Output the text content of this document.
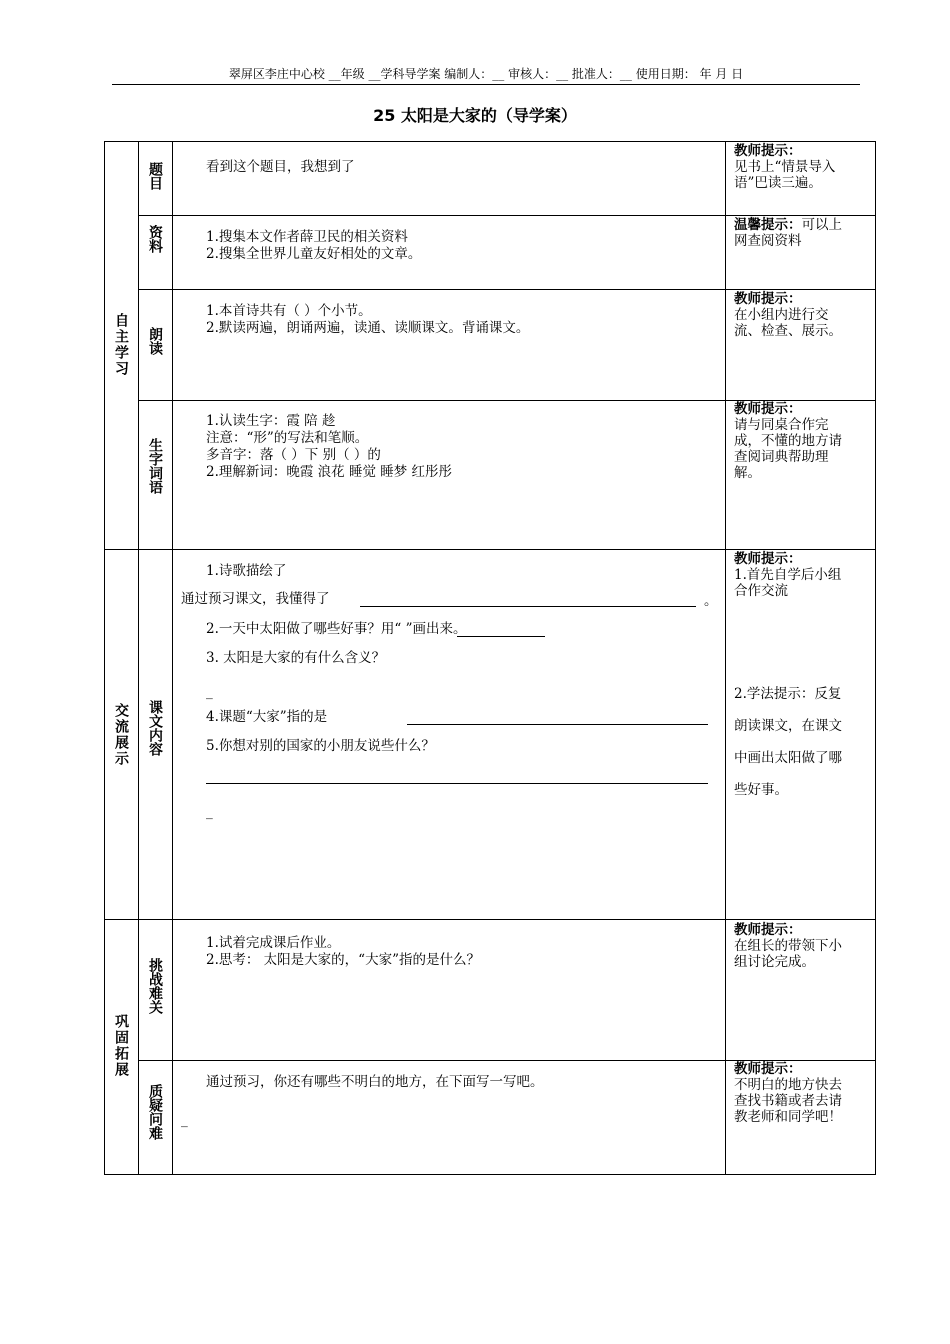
翠屏区李庄中心校 __年级 __学科导学案 编制人：__ 审核人：__ 批准人：__ 使用日期： 年 月 日
25 太阳是大家的（导学案）
自主学习
交流展示
巩固拓展
题目
资料
朗读
生字词语
课文内容
挑战难关
质疑问难

看到这个题目，我想到了

1.搜集本文作者薛卫民的相关资料

2.搜集全世界儿童友好相处的文章。

1.本首诗共有（ ）个小节。

2.默读两遍，朗诵两遍，读通、读顺课文。背诵课文。

1.认读生字：霞 陪 趁

注意：“形”的写法和笔顺。

多音字：落（ ）下 别（ ）的

2.理解新词：晚霞 浪花 睡觉 睡梦 红彤彤

1.诗歌描绘了
通过预习课文，我懂得了	。
2.一天中太阳做了哪些好事？用“ ”画出来。
3. 太阳是大家的有什么含义？
_
4.课题“大家”指的是
5.你想对别的国家的小朋友说些什么？
_

1.试着完成课后作业。

2.思考： 太阳是大家的，“大家”指的是什么？

通过预习，你还有哪些不明白的地方，在下面写一写吧。

_
教师提示：
见书上“情景导入
语”巴读三遍。
温馨提示：可以上
网查阅资料
教师提示：
在小组内进行交
流、检查、展示。
教师提示：
请与同桌合作完
成，不懂的地方请
查阅词典帮助理
解。
教师提示：
1.首先自学后小组
合作交流
2.学法提示：反复
朗读课文，在课文
中画出太阳做了哪
些好事。
教师提示：
在组长的带领下小
组讨论完成。
教师提示：
不明白的地方快去
查找书籍或者去请
教老师和同学吧！
